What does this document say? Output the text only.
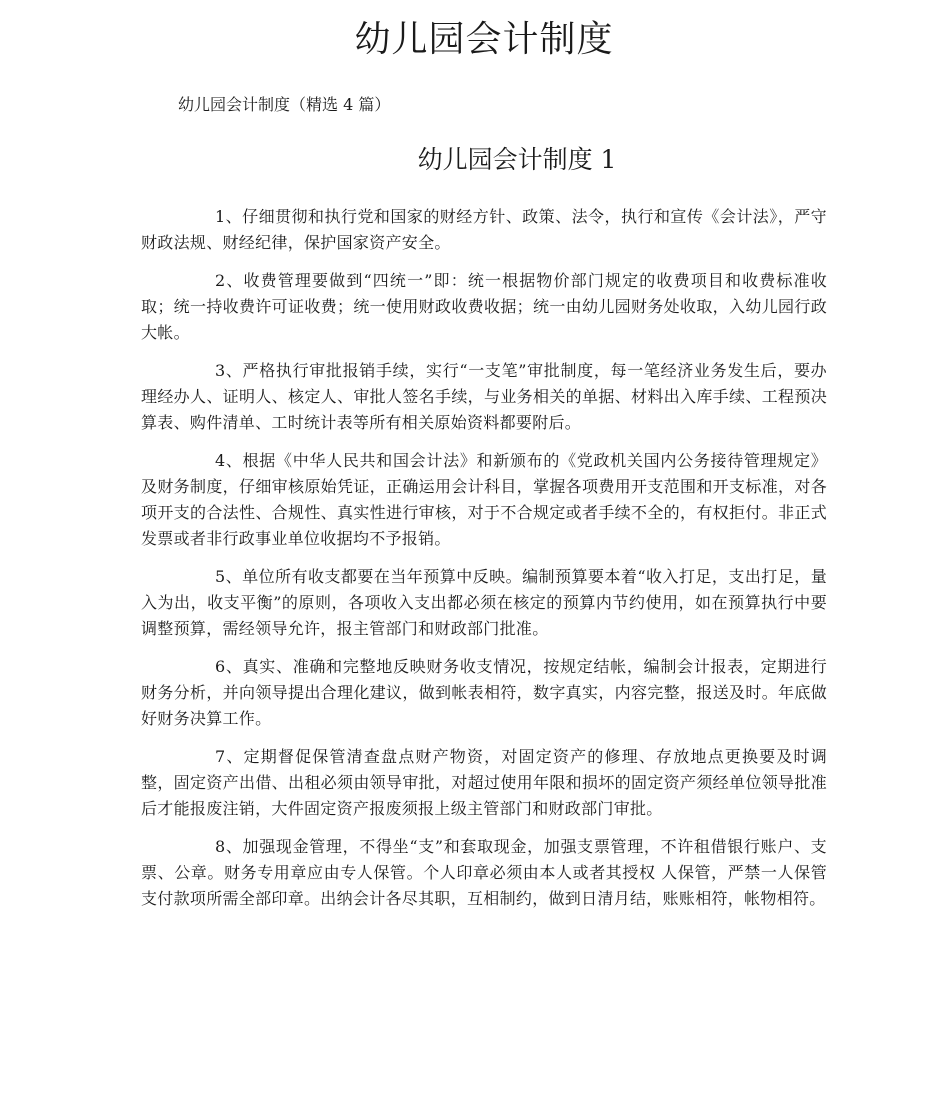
幼儿园会计制度

幼儿园会计制度（精选 4 篇）

幼儿园会计制度 1

1、仔细贯彻和执行党和国家的财经方针、政策、法令，执行和宣传《会计法》，严守财政法规、财经纪律，保护国家资产安全。

2、收费管理要做到“四统一”即：统一根据物价部门规定的收费项目和收费标准收取；统一持收费许可证收费；统一使用财政收费收据；统一由幼儿园财务处收取，入幼儿园行政大帐。

3、严格执行审批报销手续，实行“一支笔”审批制度，每一笔经济业务发生后，要办理经办人、证明人、核定人、审批人签名手续，与业务相关的单据、材料出入库手续、工程预决算表、购件清单、工时统计表等所有相关原始资料都要附后。

4、根据《中华人民共和国会计法》和新颁布的《党政机关国内公务接待管理规定》及财务制度，仔细审核原始凭证，正确运用会计科目，掌握各项费用开支范围和开支标准，对各项开支的合法性、合规性、真实性进行审核，对于不合规定或者手续不全的，有权拒付。非正式发票或者非行政事业单位收据均不予报销。

5、单位所有收支都要在当年预算中反映。编制预算要本着“收入打足，支出打足，量入为出，收支平衡”的原则，各项收入支出都必须在核定的预算内节约使用，如在预算执行中要调整预算，需经领导允许，报主管部门和财政部门批准。

6、真实、准确和完整地反映财务收支情况，按规定结帐，编制会计报表，定期进行财务分析，并向领导提出合理化建议，做到帐表相符，数字真实，内容完整，报送及时。年底做好财务决算工作。

7、定期督促保管清查盘点财产物资，对固定资产的修理、存放地点更换要及时调整，固定资产出借、出租必须由领导审批，对超过使用年限和损坏的固定资产须经单位领导批准后才能报废注销，大件固定资产报废须报上级主管部门和财政部门审批。

8、加强现金管理，不得坐“支”和套取现金，加强支票管理，不许租借银行账户、支票、公章。财务专用章应由专人保管。个人印章必须由本人或者其授权 人保管，严禁一人保管支付款项所需全部印章。出纳会计各尽其职，互相制约，做到日清月结，账账相符，帐物相符。
